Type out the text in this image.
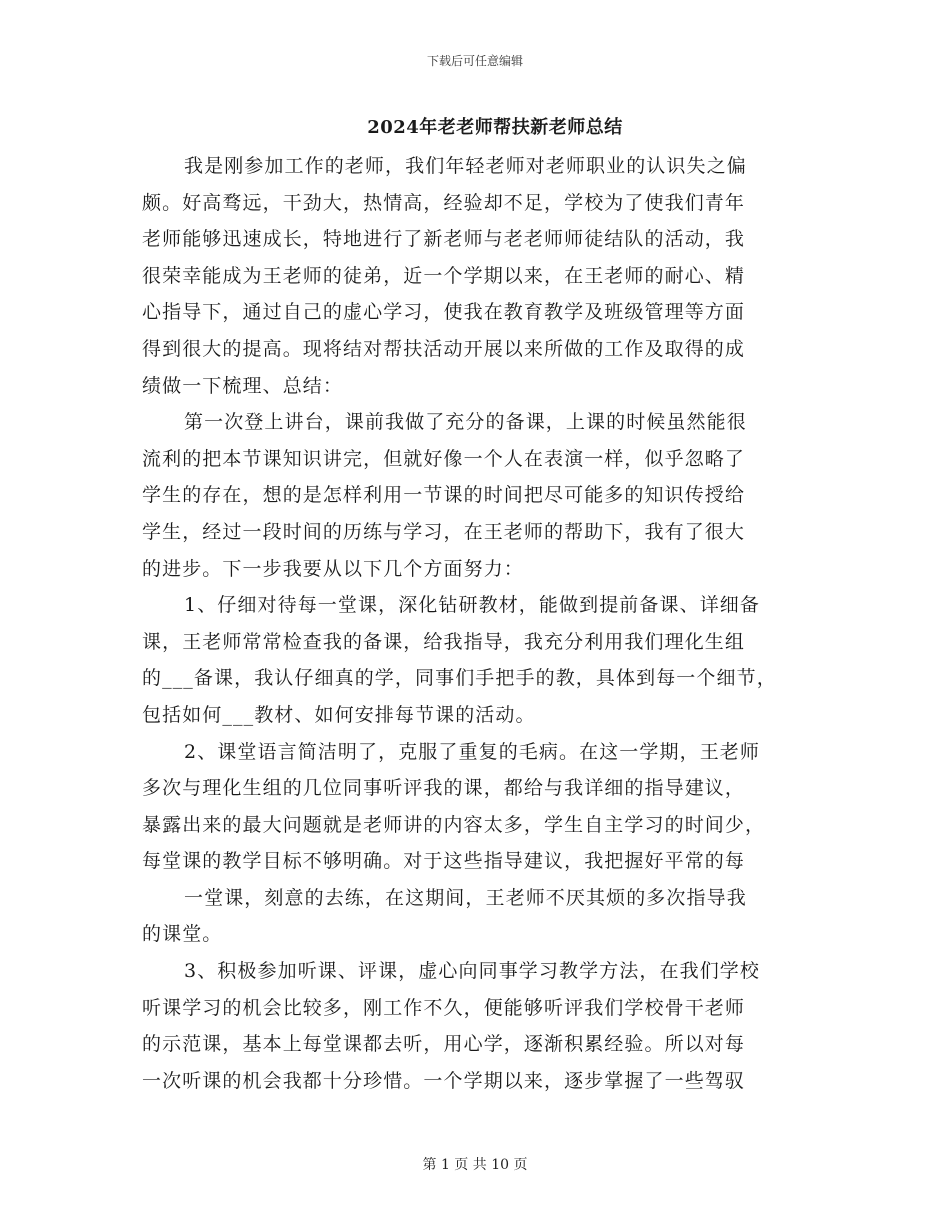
下载后可任意编辑
2024年老老师帮扶新老师总结
我是刚参加工作的老师，我们年轻老师对老师职业的认识失之偏
颇。好高骛远，干劲大，热情高，经验却不足，学校为了使我们青年
老师能够迅速成长，特地进行了新老师与老老师师徒结队的活动，我
很荣幸能成为王老师的徒弟，近一个学期以来，在王老师的耐心、精
心指导下，通过自己的虚心学习，使我在教育教学及班级管理等方面
得到很大的提高。现将结对帮扶活动开展以来所做的工作及取得的成
绩做一下梳理、总结：
第一次登上讲台，课前我做了充分的备课，上课的时候虽然能很
流利的把本节课知识讲完，但就好像一个人在表演一样，似乎忽略了
学生的存在，想的是怎样利用一节课的时间把尽可能多的知识传授给
学生，经过一段时间的历练与学习，在王老师的帮助下，我有了很大
的进步。下一步我要从以下几个方面努力：
1、仔细对待每一堂课，深化钻研教材，能做到提前备课、详细备
课，王老师常常检查我的备课，给我指导，我充分利用我们理化生组
的___备课，我认仔细真的学，同事们手把手的教，具体到每一个细节，
包括如何___教材、如何安排每节课的活动。
2、课堂语言简洁明了，克服了重复的毛病。在这一学期，王老师
多次与理化生组的几位同事听评我的课，都给与我详细的指导建议，
暴露出来的最大问题就是老师讲的内容太多，学生自主学习的时间少，
每堂课的教学目标不够明确。对于这些指导建议，我把握好平常的每
一堂课，刻意的去练，在这期间，王老师不厌其烦的多次指导我
的课堂。
3、积极参加听课、评课，虚心向同事学习教学方法，在我们学校
听课学习的机会比较多，刚工作不久，便能够听评我们学校骨干老师
的示范课，基本上每堂课都去听，用心学，逐渐积累经验。所以对每
一次听课的机会我都十分珍惜。一个学期以来，逐步掌握了一些驾驭
第 1 页 共 10 页
